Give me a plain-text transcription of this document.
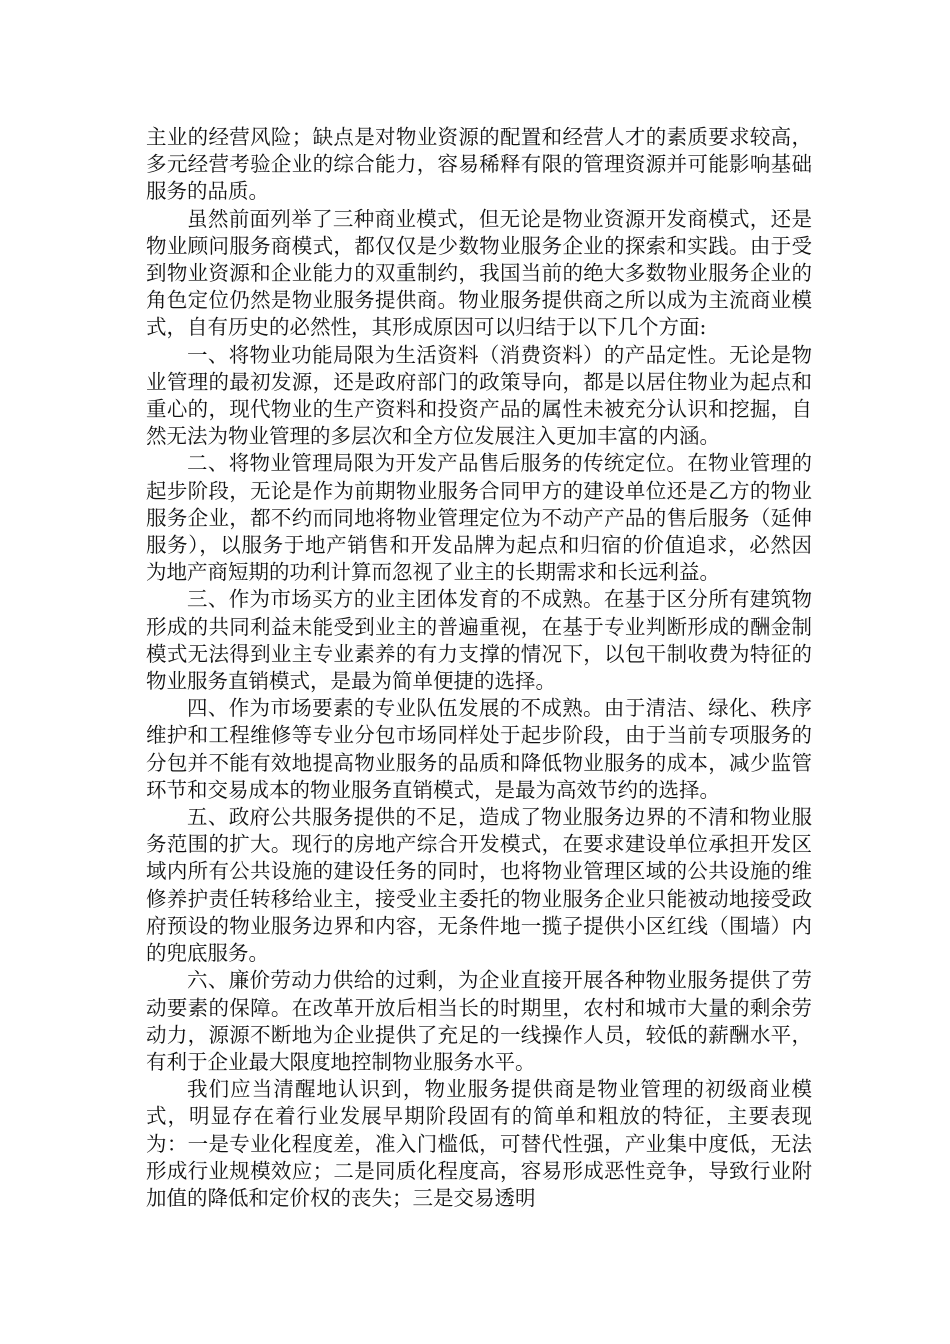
主业的经营风险；缺点是对物业资源的配置和经营人才的素质要求较高，多元经营考验企业的综合能力，容易稀释有限的管理资源并可能影响基础服务的品质。

虽然前面列举了三种商业模式，但无论是物业资源开发商模式，还是物业顾问服务商模式，都仅仅是少数物业服务企业的探索和实践。由于受到物业资源和企业能力的双重制约，我国当前的绝大多数物业服务企业的角色定位仍然是物业服务提供商。物业服务提供商之所以成为主流商业模式，自有历史的必然性，其形成原因可以归结于以下几个方面:

一、将物业功能局限为生活资料（消费资料）的产品定性。无论是物业管理的最初发源，还是政府部门的政策导向，都是以居住物业为起点和重心的，现代物业的生产资料和投资产品的属性未被充分认识和挖掘，自然无法为物业管理的多层次和全方位发展注入更加丰富的内涵。

二、将物业管理局限为开发产品售后服务的传统定位。在物业管理的起步阶段，无论是作为前期物业服务合同甲方的建设单位还是乙方的物业服务企业，都不约而同地将物业管理定位为不动产产品的售后服务（延伸服务），以服务于地产销售和开发品牌为起点和归宿的价值追求，必然因为地产商短期的功利计算而忽视了业主的长期需求和长远利益。

三、作为市场买方的业主团体发育的不成熟。在基于区分所有建筑物形成的共同利益未能受到业主的普遍重视，在基于专业判断形成的酬金制模式无法得到业主专业素养的有力支撑的情况下，以包干制收费为特征的物业服务直销模式，是最为简单便捷的选择。

四、作为市场要素的专业队伍发展的不成熟。由于清洁、绿化、秩序维护和工程维修等专业分包市场同样处于起步阶段，由于当前专项服务的分包并不能有效地提高物业服务的品质和降低物业服务的成本，减少监管环节和交易成本的物业服务直销模式，是最为高效节约的选择。

五、政府公共服务提供的不足，造成了物业服务边界的不清和物业服务范围的扩大。现行的房地产综合开发模式，在要求建设单位承担开发区域内所有公共设施的建设任务的同时，也将物业管理区域的公共设施的维修养护责任转移给业主，接受业主委托的物业服务企业只能被动地接受政府预设的物业服务边界和内容，无条件地一揽子提供小区红线（围墙）内的兜底服务。

六、廉价劳动力供给的过剩，为企业直接开展各种物业服务提供了劳动要素的保障。在改革开放后相当长的时期里，农村和城市大量的剩余劳动力，源源不断地为企业提供了充足的一线操作人员，较低的薪酬水平，有利于企业最大限度地控制物业服务水平。

我们应当清醒地认识到，物业服务提供商是物业管理的初级商业模式，明显存在着行业发展早期阶段固有的简单和粗放的特征，主要表现为：一是专业化程度差，准入门槛低，可替代性强，产业集中度低，无法形成行业规模效应；二是同质化程度高，容易形成恶性竞争，导致行业附加值的降低和定价权的丧失；三是交易透明
